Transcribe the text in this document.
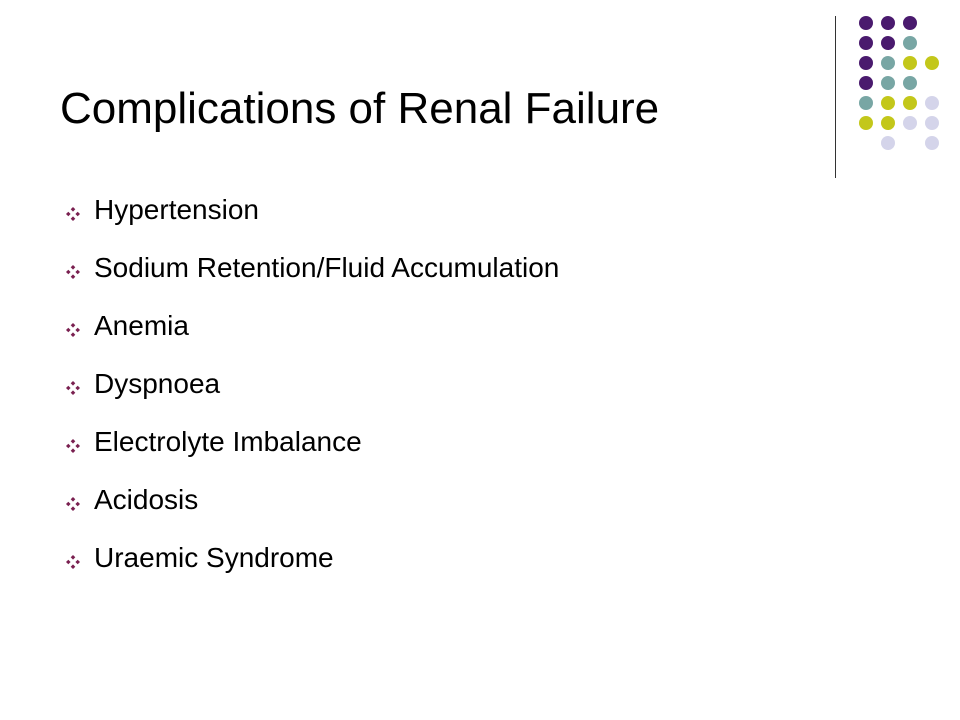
Complications of Renal Failure
Hypertension
Sodium Retention/Fluid Accumulation
Anemia
Dyspnoea
Electrolyte Imbalance
Acidosis
Uraemic Syndrome
